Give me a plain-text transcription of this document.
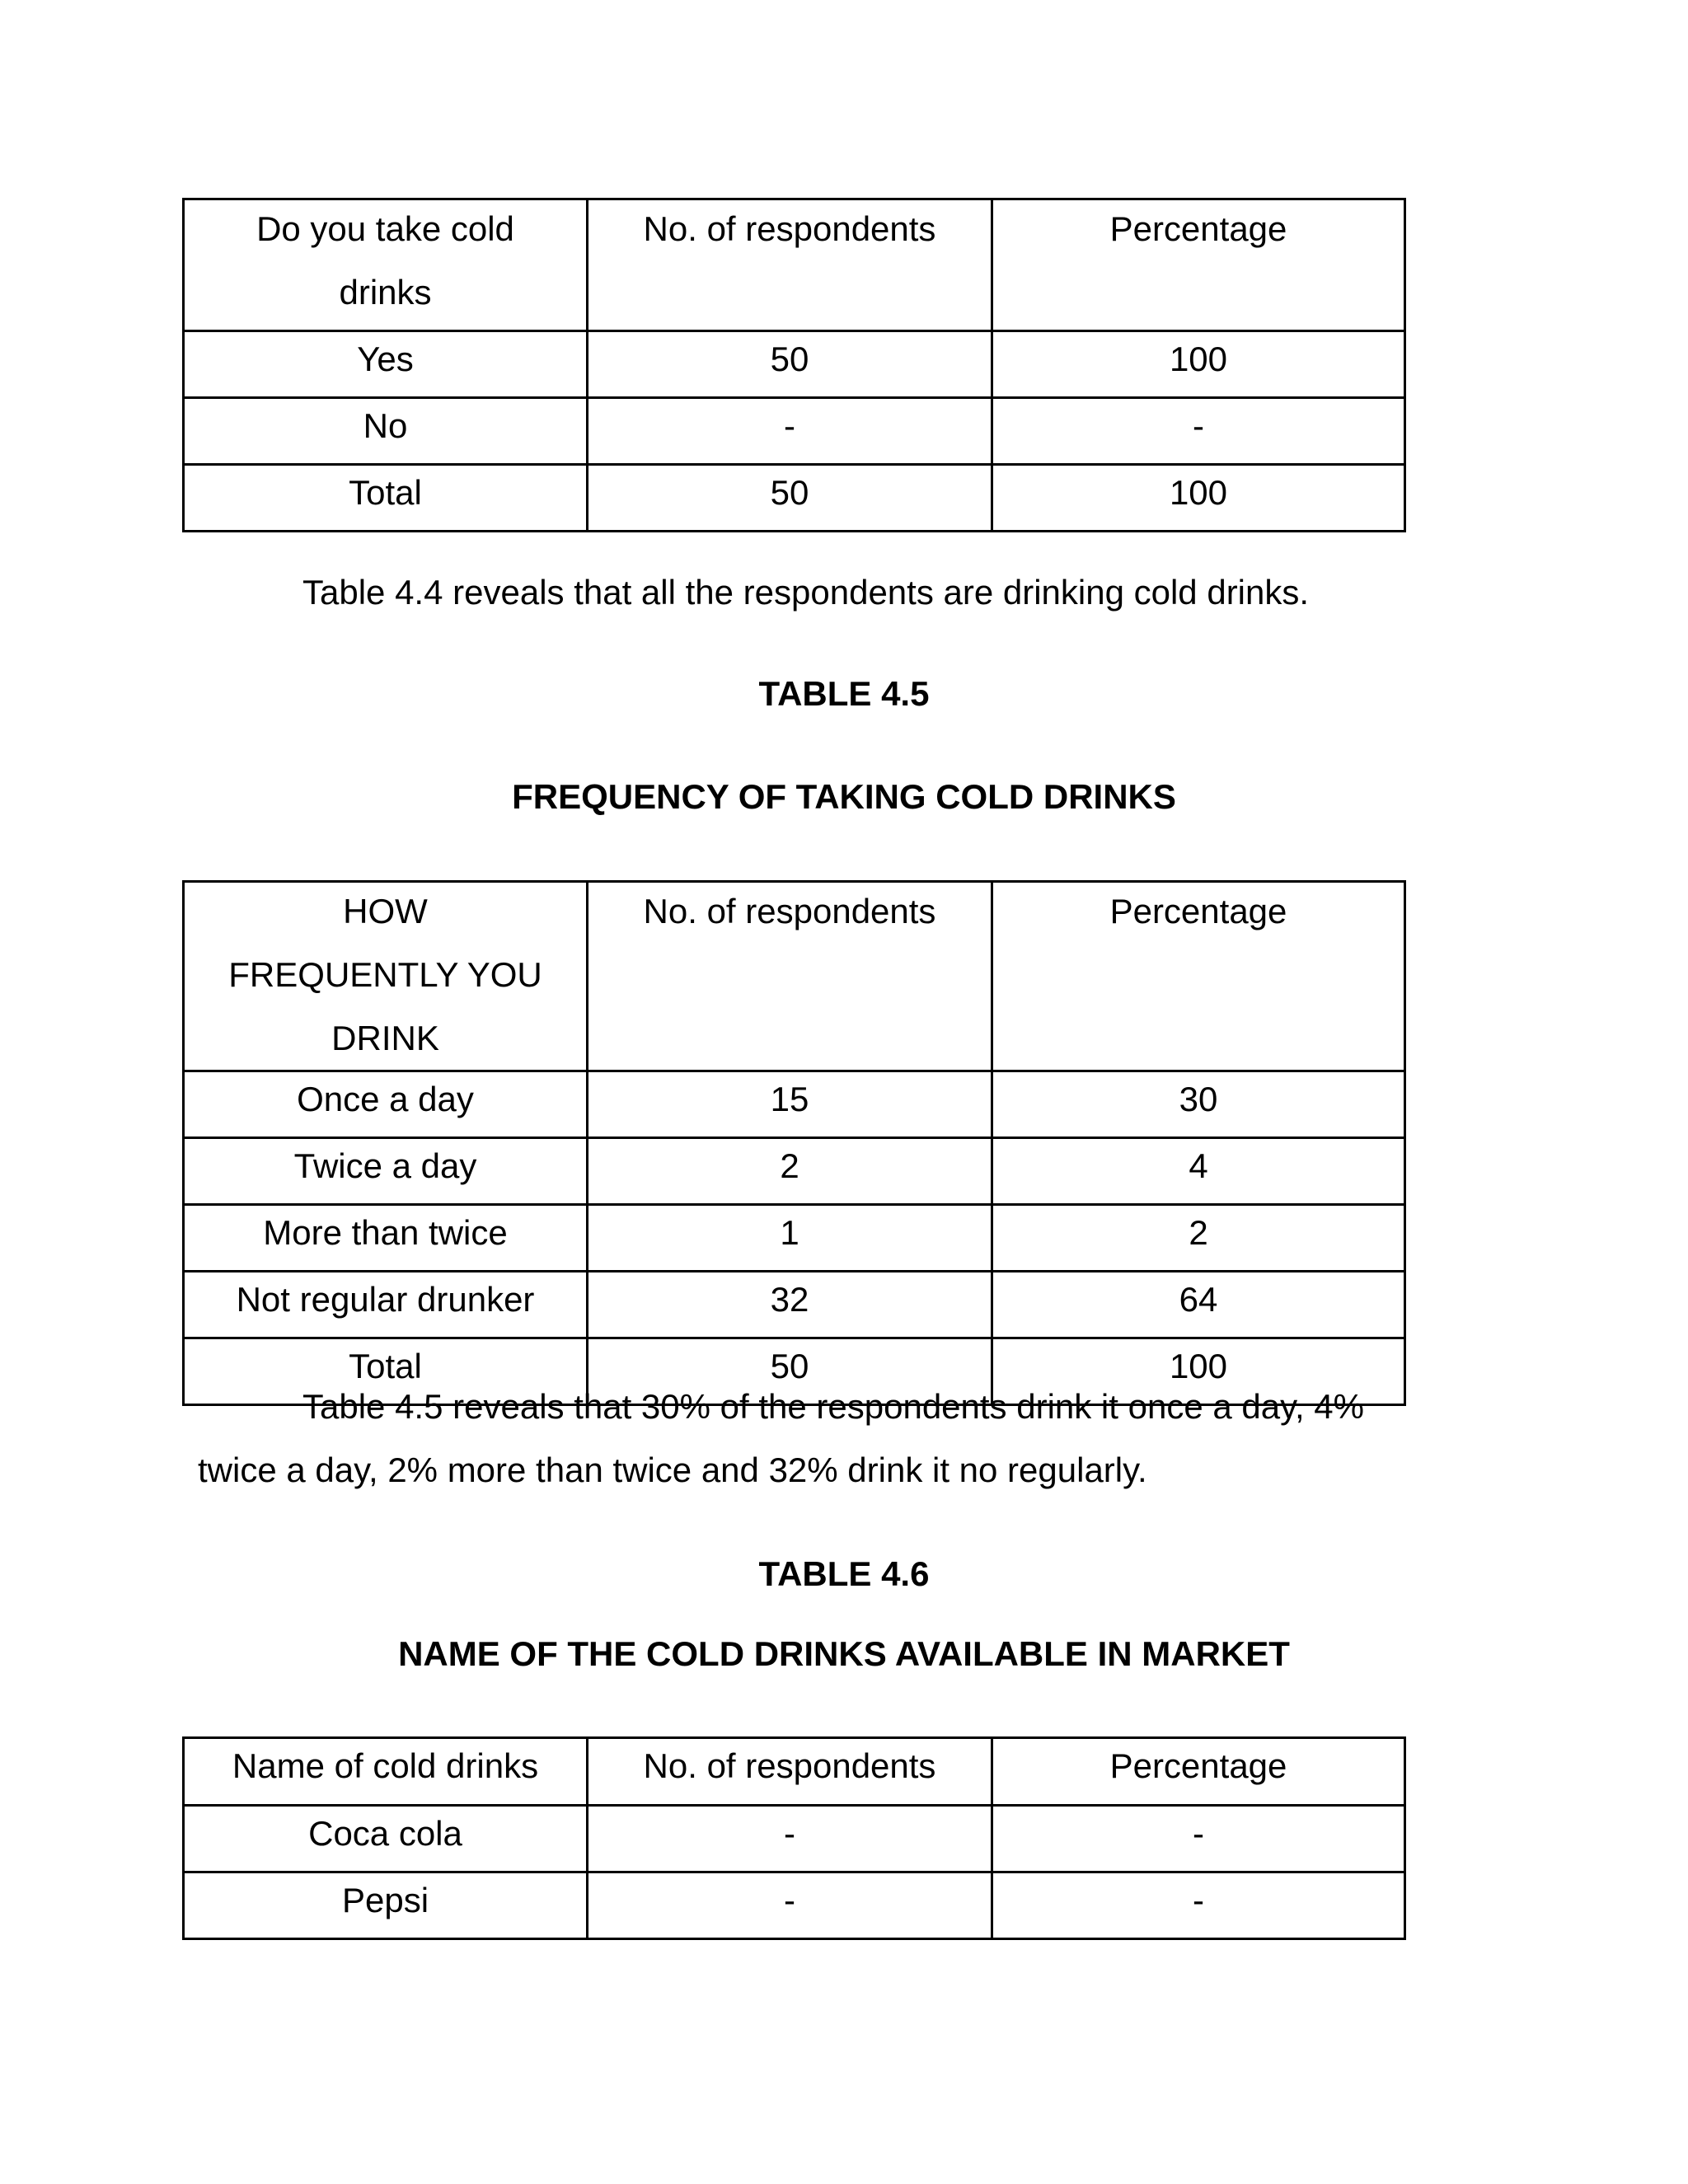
Do you take cold drinks	No. of respondents	Percentage

Yes	50	100

No	-	-

Total	50	100
Table 4.4 reveals that all the respondents are drinking cold drinks.
TABLE 4.5
FREQUENCY OF TAKING COLD DRINKS
HOW FREQUENTLY YOU DRINK	No. of respondents	Percentage

Once a day	15	30

Twice a day	2	4

More than twice	1	2

Not regular drunker	32	64

Total	50	100
Table 4.5 reveals that 30% of the respondents drink it once a day, 4%
twice a day, 2% more than twice and 32% drink it no regularly.
TABLE 4.6
NAME OF THE COLD DRINKS AVAILABLE IN MARKET
Name of cold drinks	No. of respondents	Percentage

Coca cola	-	-

Pepsi	-	-
